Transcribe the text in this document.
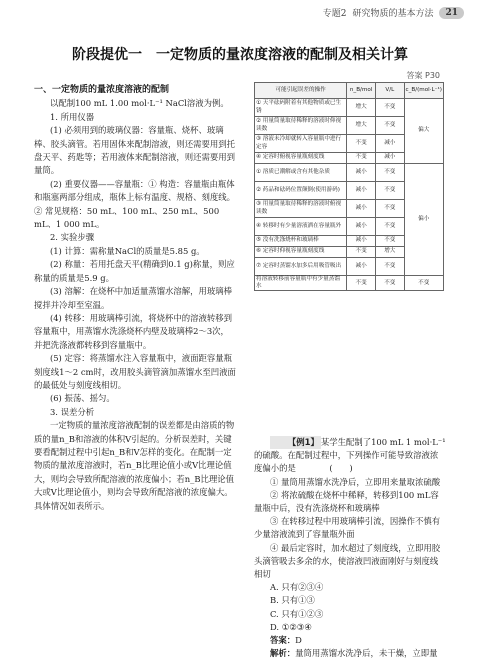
专题2 研究物质的基本方法	21
阶段提优一　一定物质的量浓度溶液的配制及相关计算
答案 P30

一、一定物质的量浓度溶液的配制

以配制100 mL 1.00 mol·L⁻¹ NaCl溶液为例。

1. 所用仪器

(1) 必须用到的玻璃仪器：容量瓶、烧杯、玻璃棒、胶头滴管。若用固体来配制溶液，则还需要用到托盘天平、药匙等；若用液体来配制溶液，则还需要用到量筒。

(2) 重要仪器——容量瓶：① 构造：容量瓶由瓶体和瓶塞两部分组成，瓶体上标有温度、规格、刻度线。② 常见规格：50 mL、100 mL、250 mL、500 mL、1 000 mL。

2. 实验步骤

(1) 计算：需称量NaCl的质量是5.85 g。

(2) 称量：若用托盘天平(精确到0.1 g)称量，则应称量的质量是5.9 g。

(3) 溶解：在烧杯中加适量蒸馏水溶解，用玻璃棒搅拌并冷却至室温。

(4) 转移：用玻璃棒引流，将烧杯中的溶液转移到容量瓶中，用蒸馏水洗涤烧杯内壁及玻璃棒2～3次，并把洗涤液都转移到容量瓶中。

(5) 定容：将蒸馏水注入容量瓶中，液面距容量瓶刻度线1～2 cm时，改用胶头滴管滴加蒸馏水至凹液面的最低处与刻度线相切。

(6) 振荡、摇匀。

3. 误差分析

一定物质的量浓度溶液配制的误差都是由溶质的物质的量n_B和溶液的体积V引起的。分析误差时，关键要看配制过程中引起n_B和V怎样的变化。在配制一定物质的量浓度溶液时，若n_B比理论值小或V比理论值大，则均会导致所配溶液的浓度偏小；若n_B比理论值大或V比理论值小，则均会导致所配溶液的浓度偏大。具体情况如表所示。

可能引起误差的操作	n_B/mol	V/L	c_B/(mol·L⁻¹)
① 天平砝码附着有其他物质或已生锈	增大	不变	偏大
② 用量筒量取待稀释的溶液时仰视读数	增大	不变	
③ 溶液未冷却就转入容量瓶中进行定容	不变	减小	
④ 定容时俯视容量瓶刻度线	不变	减小	
① 溶质已潮解或含有其他杂质	减小	不变	偏小
② 药品和砝码位置颠倒(使用游码)	减小	不变	
③ 用量筒量取待稀释的溶液时俯视读数	减小	不变	
④ 转移时有少量溶液洒在容量瓶外	减小	不变	
⑤ 没有洗涤烧杯和玻璃棒	减小	不变	
⑥ 定容时仰视容量瓶刻度线	不变	增大	
⑦ 定容时蒸馏水加多后用吸管吸出	减小	不变	
将溶液转移前容量瓶中有少量蒸馏水	不变	不变	不变

【例1】 某学生配制了100 mL 1 mol·L⁻¹的硫酸。在配制过程中，下列操作可能导致溶液浓度偏小的是　　　　(　　)

① 量筒用蒸馏水洗净后，立即用来量取浓硫酸

② 将浓硫酸在烧杯中稀释，转移到100 mL容量瓶中后，没有洗涤烧杯和玻璃棒

③ 在转移过程中用玻璃棒引流，因操作不慎有少量溶液流到了容量瓶外面

④ 最后定容时，加水超过了刻度线，立即用胶头滴管吸去多余的水，使溶液凹液面刚好与刻度线相切

A. 只有②③④

B. 只有①③

C. 只有①②③

D. ①②③④

答案：D

解析：量筒用蒸馏水洗净后，未干燥，立即量
